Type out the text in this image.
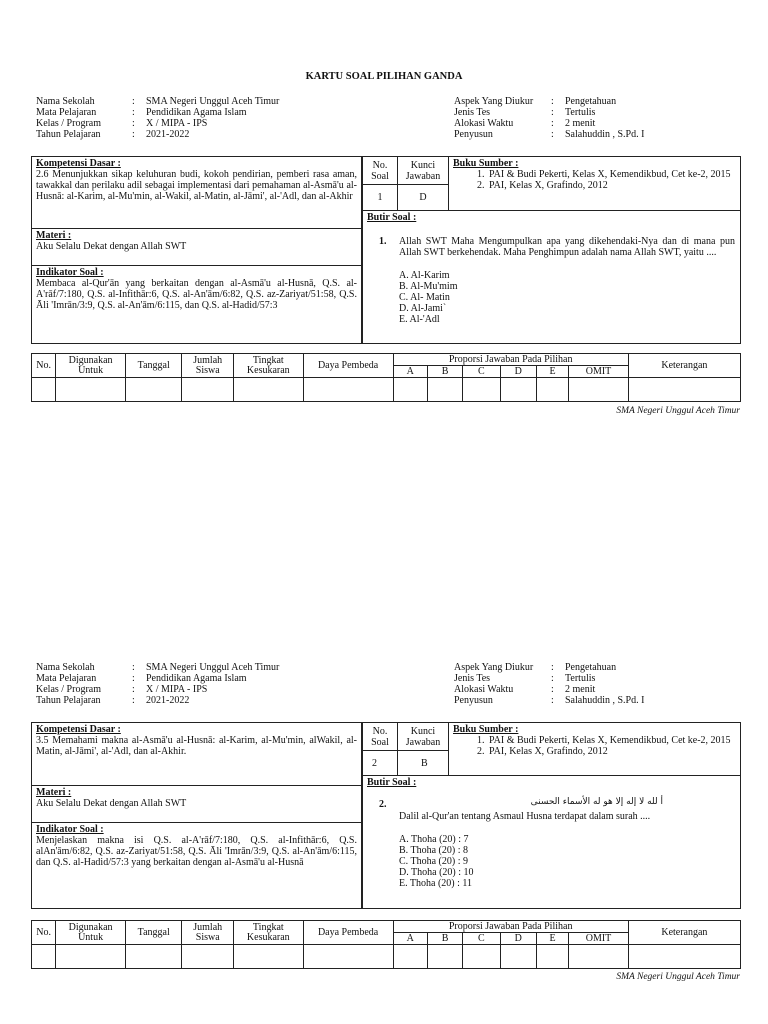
KARTU SOAL PILIHAN GANDA
Nama Sekolah	:	SMA Negeri Unggul Aceh Timur
Mata Pelajaran	:	Pendidikan Agama Islam
Kelas / Program	:	X / MIPA - IPS
Tahun Pelajaran	:	2021-2022
Aspek Yang Diukur	:	Pengetahuan
Jenis Tes	:	Tertulis
Alokasi Waktu	:	2 menit
Penyusun	:	Salahuddin , S.Pd. I
Kompetensi Dasar :
2.6 Menunjukkan sikap keluhuran budi, kokoh pendirian, pemberi rasa aman, tawakkal dan perilaku adil sebagai implementasi dari pemahaman al-Asmā'u al-Husnā: al-Karim, al-Mu'min, al-Wakil, al-Matin, al-Jāmi', al-'Adl, dan al-Akhir
Materi :
Aku Selalu Dekat dengan Allah SWT
Indikator Soal :
Membaca al-Qur'ān yang berkaitan dengan al-Asmā'u al-Husnā, Q.S. al-A'rāf/7:180, Q.S. al-Infithār:6, Q.S. al-An'ām/6:82, Q.S. az-Zariyat/51:58, Q.S. Āli 'Imrān/3:9, Q.S. al-An'ām/6:115, dan Q.S. al-Hadid/57:3
No. Soal
Kunci Jawaban
1	D
Buku Sumber :
1. PAI & Budi Pekerti, Kelas X, Kemendikbud, Cet ke-2, 2015
2. PAI, Kelas X, Grafindo, 2012
Butir Soal :
1. Allah SWT Maha Mengumpulkan apa yang dikehendaki-Nya dan di mana pun Allah SWT berkehendak. Maha Penghimpun adalah nama Allah SWT, yaitu ....
A. Al-Karim
B. Al-Mu'mim
C. Al- Matin
D. Al-Jami`
E. Al-'Adl
No.	Digunakan Untuk	Tanggal	Jumlah Siswa	Tingkat Kesukaran	Daya Pembeda	Proporsi Jawaban Pada Pilihan						Keterangan
						A	B	C	D	E	OMIT	

SMA Negeri Unggul Aceh Timur
Nama Sekolah	:	SMA Negeri Unggul Aceh Timur
Mata Pelajaran	:	Pendidikan Agama Islam
Kelas / Program	:	X / MIPA - IPS
Tahun Pelajaran	:	2021-2022
Aspek Yang Diukur	:	Pengetahuan
Jenis Tes	:	Tertulis
Alokasi Waktu	:	2 menit
Penyusun	:	Salahuddin , S.Pd. I
Kompetensi Dasar :
3.5 Memahami makna al-Asmā'u al-Husnā: al-Karim, al-Mu'min, alWakil, al-Matin, al-Jāmi', al-'Adl, dan al-Akhir.
Materi :
Aku Selalu Dekat dengan Allah SWT
Indikator Soal :
Menjelaskan makna isi Q.S. al-A'rāf/7:180, Q.S. al-Infithār:6, Q.S. alAn'ām/6:82, Q.S. az-Zariyat/51:58, Q.S. Āli 'Imrān/3:9, Q.S. al-An'ām/6:115, dan Q.S. al-Hadid/57:3 yang berkaitan dengan al-Asmā'u al-Husnā
No. Soal
Kunci Jawaban
2	B
Buku Sumber :
1. PAI & Budi Pekerti, Kelas X, Kemendikbud, Cet ke-2, 2015
2. PAI, Kelas X, Grafindo, 2012
Butir Soal :
2.	أ لله لا إله إلا هو له الأسماء الحسنى
Dalil al-Qur'an tentang Asmaul Husna terdapat dalam surah ....
A. Thoha (20) : 7
B. Thoha (20) : 8
C. Thoha (20) : 9
D. Thoha (20) : 10
E. Thoha (20) : 11
No.	Digunakan Untuk	Tanggal	Jumlah Siswa	Tingkat Kesukaran	Daya Pembeda	Proporsi Jawaban Pada Pilihan						Keterangan
						A	B	C	D	E	OMIT	

SMA Negeri Unggul Aceh Timur
